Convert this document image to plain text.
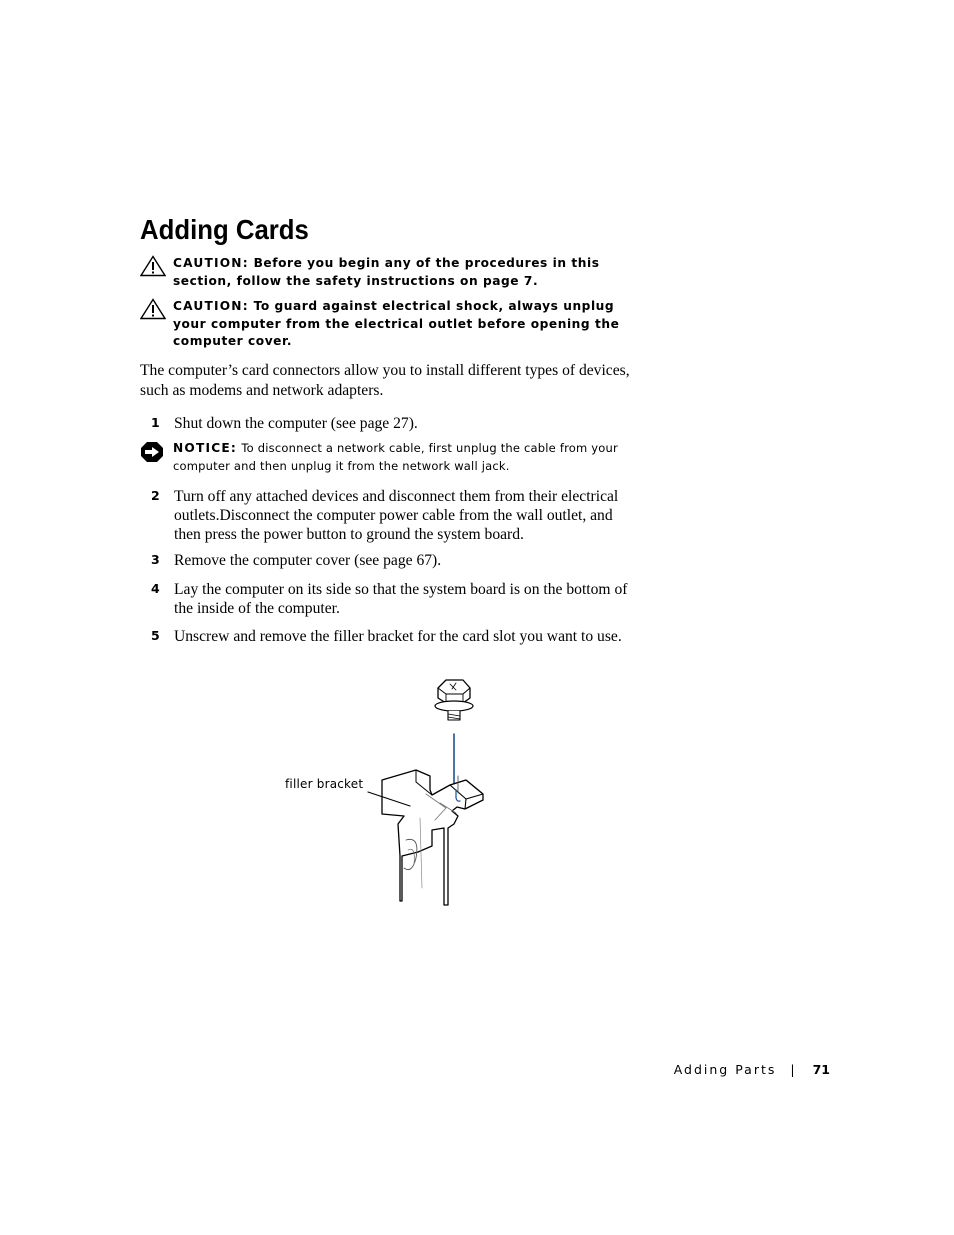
Adding Cards
CAUTION: Before you begin any of the procedures in this section, follow the safety instructions on page 7.
CAUTION: To guard against electrical shock, always unplug your computer from the electrical outlet before opening the computer cover.

The computer’s card connectors allow you to install different types of devices, such as modems and network adapters.

1 Shut down the computer (see page 27).
NOTICE: To disconnect a network cable, first unplug the cable from your computer and then unplug it from the network wall jack.
2 Turn off any attached devices and disconnect them from their electrical outlets.Disconnect the computer power cable from the wall outlet, and then press the power button to ground the system board.
3 Remove the computer cover (see page 67).
4 Lay the computer on its side so that the system board is on the bottom of the inside of the computer.
5 Unscrew and remove the filler bracket for the card slot you want to use.
filler bracket
Adding Parts | 71
